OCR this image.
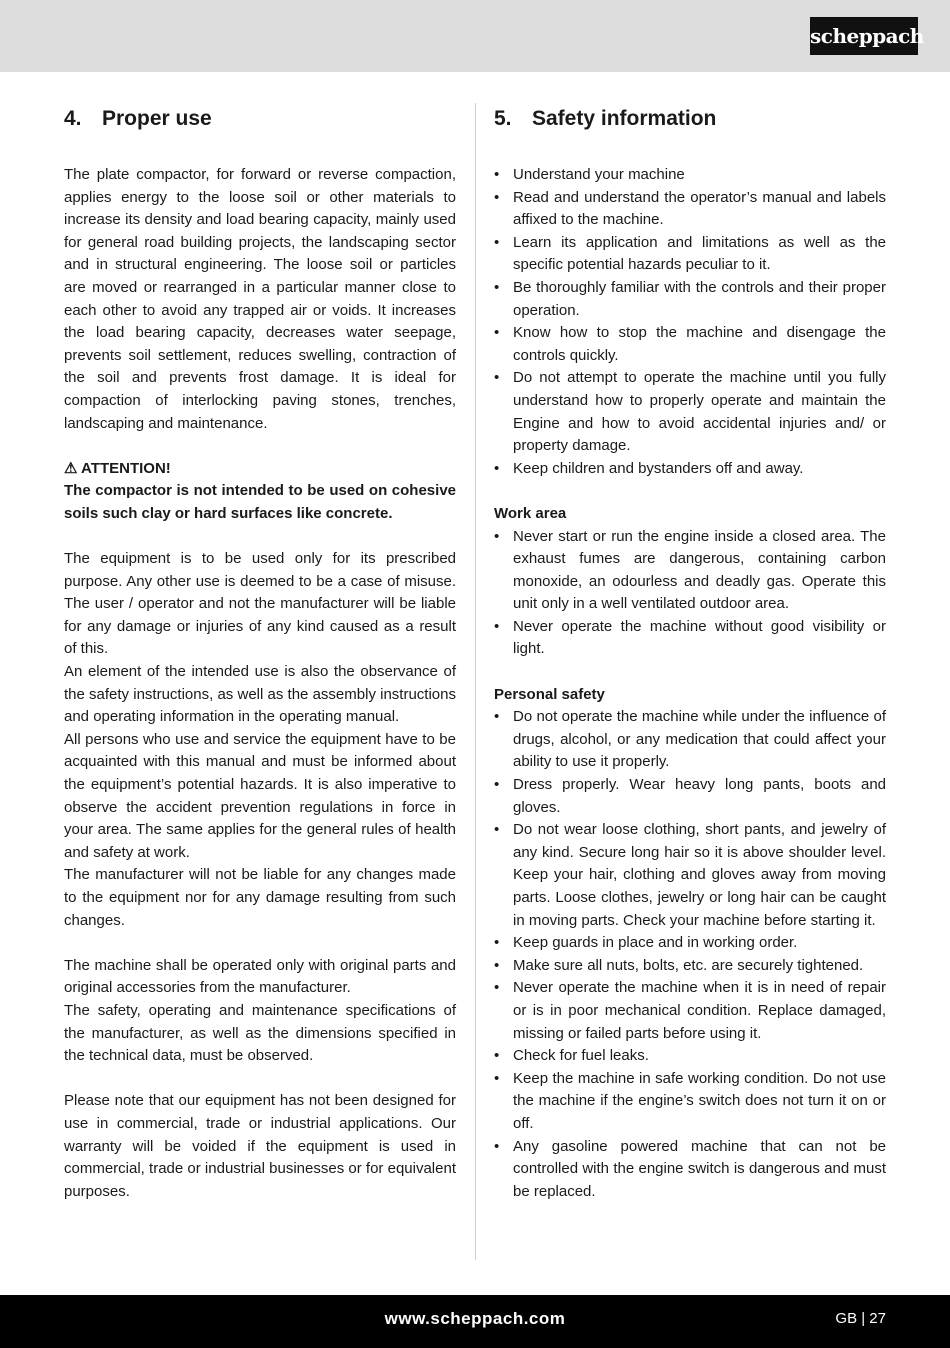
scheppach
4. Proper use

The plate compactor, for forward or reverse compaction, applies energy to the loose soil or other materials to increase its density and load bearing capacity, mainly used for general road building projects, the landscaping sector and in structural engineering. The loose soil or particles are moved or rearranged in a particular manner close to each other to avoid any trapped air or voids. It increases the load bearing capacity, decreases water seepage, prevents soil settlement, reduces swelling, contraction of the soil and prevents frost damage. It is ideal for compaction of interlocking paving stones, trenches, landscaping and maintenance.

⚠ ATTENTION!

The compactor is not intended to be used on cohesive soils such clay or hard surfaces like concrete.

The equipment is to be used only for its prescribed purpose. Any other use is deemed to be a case of misuse. The user / operator and not the manufacturer will be liable for any damage or injuries of any kind caused as a result of this.

An element of the intended use is also the observance of the safety instructions, as well as the assembly instructions and operating information in the operating manual.

All persons who use and service the equipment have to be acquainted with this manual and must be informed about the equipment’s potential hazards. It is also imperative to observe the accident prevention regulations in force in your area. The same applies for the general rules of health and safety at work.

The manufacturer will not be liable for any changes made to the equipment nor for any damage resulting from such changes.

The machine shall be operated only with original parts and original accessories from the manufacturer.

The safety, operating and maintenance specifications of the manufacturer, as well as the dimensions specified in the technical data, must be observed.

Please note that our equipment has not been designed for use in commercial, trade or industrial applications. Our warranty will be voided if the equipment is used in commercial, trade or industrial businesses or for equivalent purposes.

5. Safety information
• Understand your machine
• Read and understand the operator’s manual and labels affixed to the machine.
• Learn its application and limitations as well as the specific potential hazards peculiar to it.
• Be thoroughly familiar with the controls and their proper operation.
• Know how to stop the machine and disengage the controls quickly.
• Do not attempt to operate the machine until you fully understand how to properly operate and maintain the Engine and how to avoid accidental injuries and/ or property damage.
• Keep children and bystanders off and away.

Work area

• Never start or run the engine inside a closed area. The exhaust fumes are dangerous, containing carbon monoxide, an odourless and deadly gas. Operate this unit only in a well ventilated outdoor area.
• Never operate the machine without good visibility or light.

Personal safety

• Do not operate the machine while under the influence of drugs, alcohol, or any medication that could affect your ability to use it properly.
• Dress properly. Wear heavy long pants, boots and gloves.
• Do not wear loose clothing, short pants, and jewelry of any kind. Secure long hair so it is above shoulder level. Keep your hair, clothing and gloves away from moving parts. Loose clothes, jewelry or long hair can be caught in moving parts. Check your machine before starting it.
• Keep guards in place and in working order.
• Make sure all nuts, bolts, etc. are securely tightened.
• Never operate the machine when it is in need of repair or is in poor mechanical condition. Replace damaged, missing or failed parts before using it.
• Check for fuel leaks.
• Keep the machine in safe working condition. Do not use the machine if the engine’s switch does not turn it on or off.
• Any gasoline powered machine that can not be controlled with the engine switch is dangerous and must be replaced.
www.scheppach.com	GB | 27
